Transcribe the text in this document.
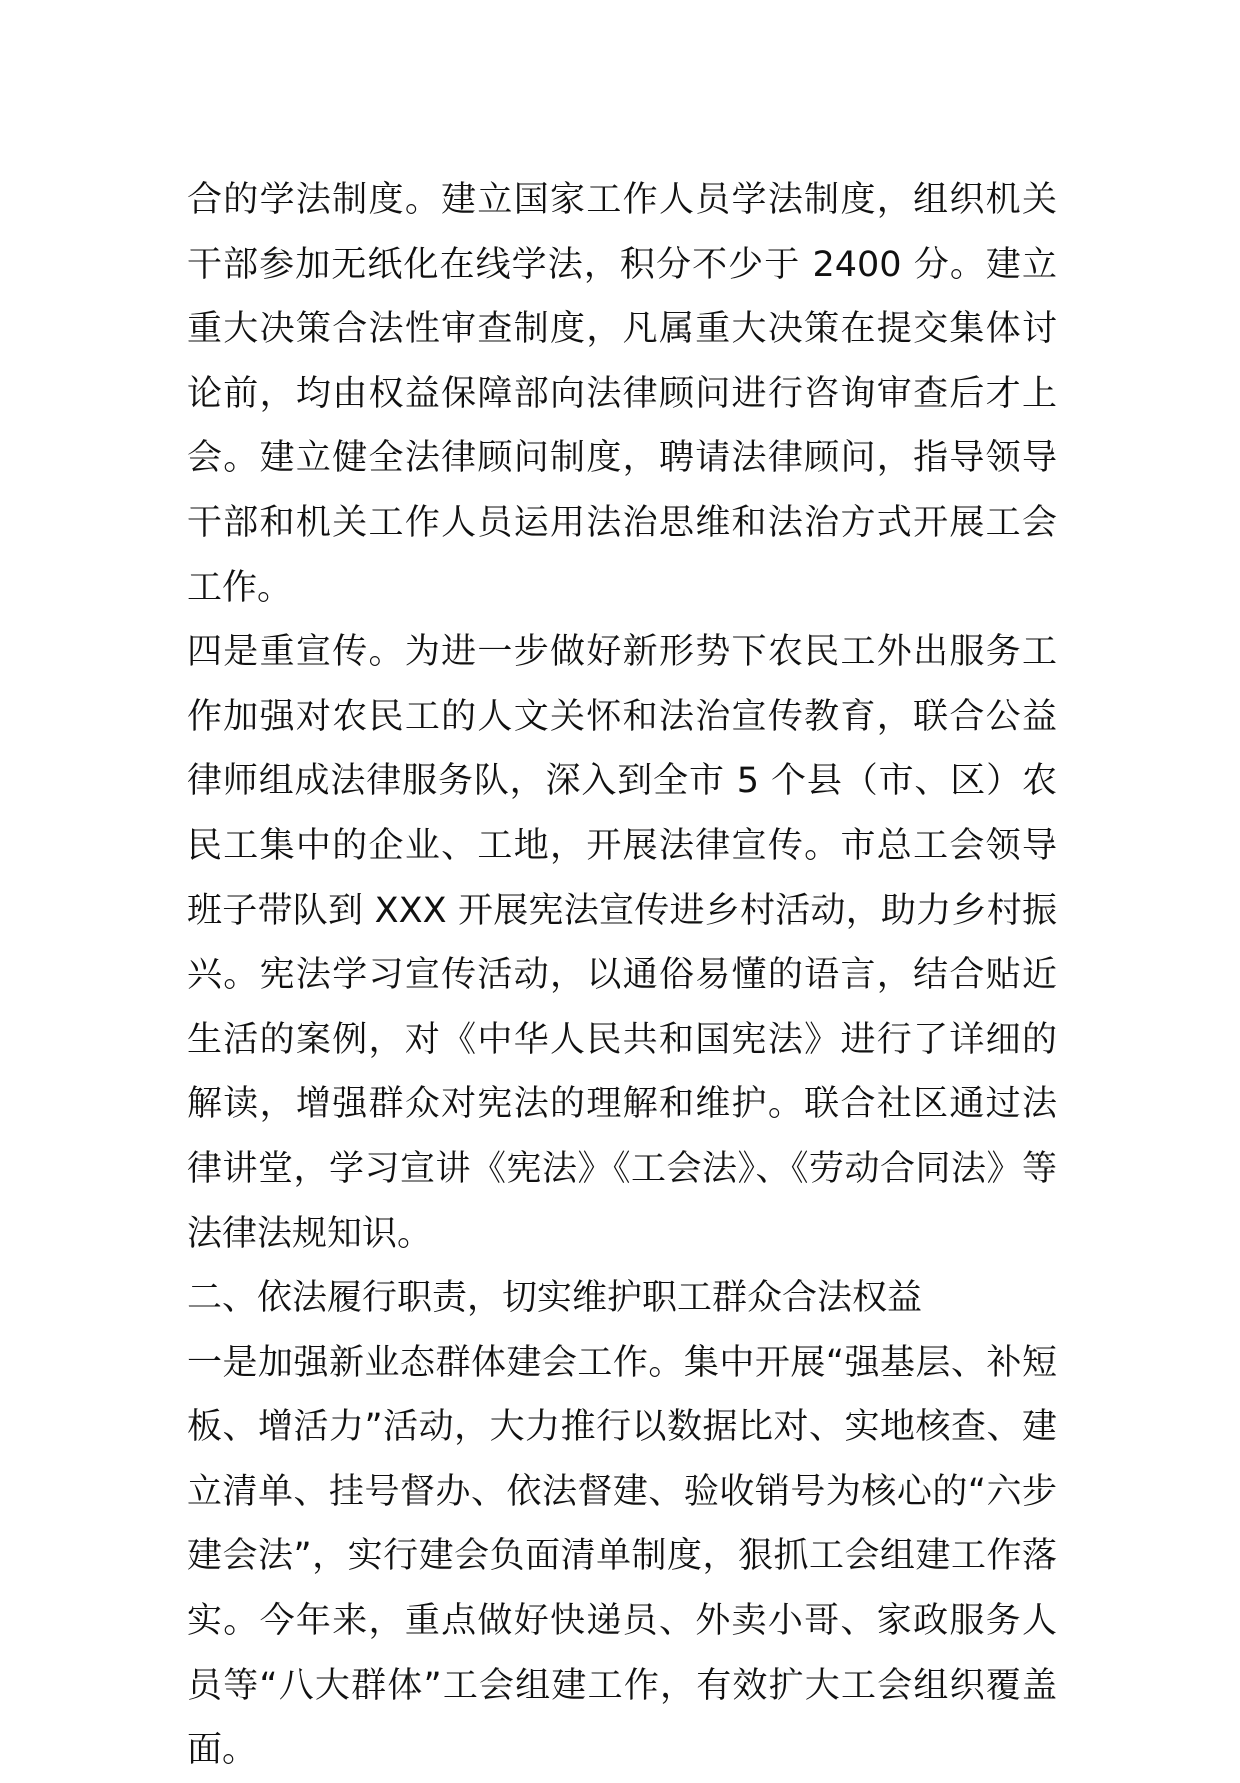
合的学法制度。建立国家工作人员学法制度，组织机关干部参加无纸化在线学法，积分不少于 2400 分。建立重大决策合法性审查制度，凡属重大决策在提交集体讨论前，均由权益保障部向法律顾问进行咨询审查后才上会。建立健全法律顾问制度，聘请法律顾问，指导领导干部和机关工作人员运用法治思维和法治方式开展工会工作。

四是重宣传。为进一步做好新形势下农民工外出服务工作加强对农民工的人文关怀和法治宣传教育，联合公益律师组成法律服务队，深入到全市 5 个县（市、区）农民工集中的企业、工地，开展法律宣传。市总工会领导班子带队到 XXX 开展宪法宣传进乡村活动，助力乡村振兴。宪法学习宣传活动，以通俗易懂的语言，结合贴近生活的案例，对《中华人民共和国宪法》进行了详细的解读，增强群众对宪法的理解和维护。联合社区通过法律讲堂，学习宣讲《宪法》《工会法》、《劳动合同法》等法律法规知识。

二、依法履行职责，切实维护职工群众合法权益

一是加强新业态群体建会工作。集中开展“强基层、补短板、增活力”活动，大力推行以数据比对、实地核查、建立清单、挂号督办、依法督建、验收销号为核心的“六步建会法”，实行建会负面清单制度，狠抓工会组建工作落实。今年来，重点做好快递员、外卖小哥、家政服务人员等“八大群体”工会组建工作，有效扩大工会组织覆盖面。
